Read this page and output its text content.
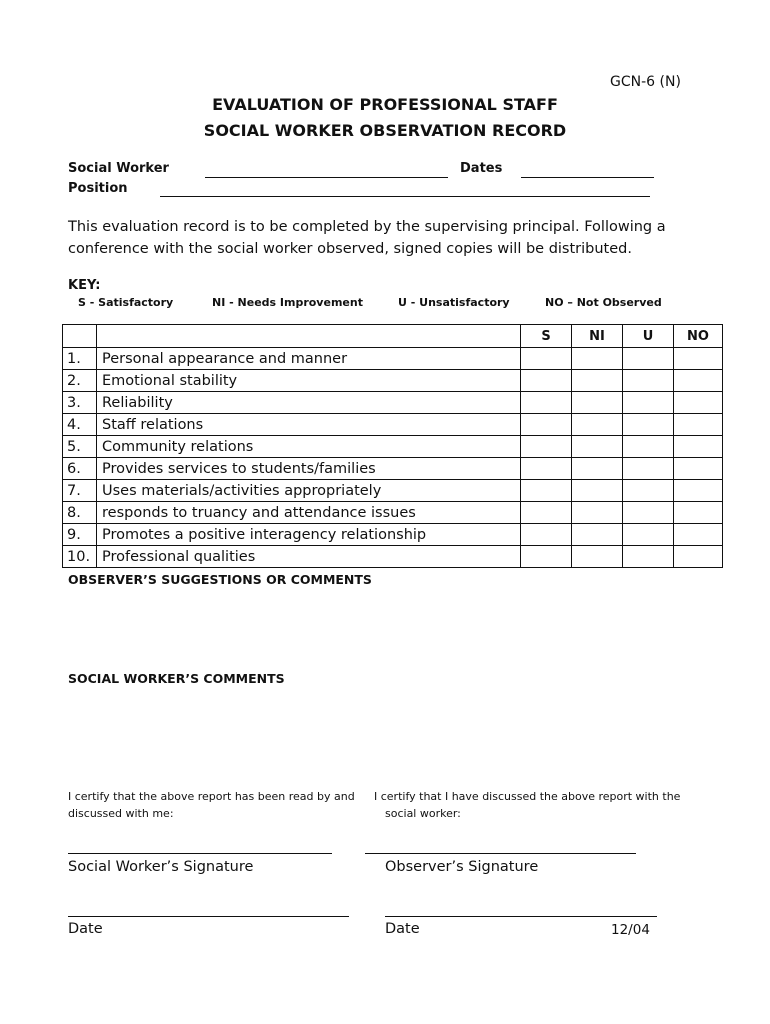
GCN-6 (N)
EVALUATION OF PROFESSIONAL STAFF
SOCIAL WORKER OBSERVATION RECORD
Social Worker	Dates
Position
This evaluation record is to be completed by the supervising principal. Following a conference with the social worker observed, signed copies will be distributed.
KEY:
S - Satisfactory	NI - Needs Improvement	U - Unsatisfactory	NO – Not Observed
		S	NI	U	NO
1.	Personal appearance and manner				
2.	Emotional stability				
3.	Reliability				
4.	Staff relations				
5.	Community relations				
6.	Provides services to students/families				
7.	Uses materials/activities appropriately				
8.	responds to truancy and attendance issues				
9.	Promotes a positive interagency relationship				
10.	Professional qualities				
OBSERVER’S SUGGESTIONS OR COMMENTS
SOCIAL WORKER’S COMMENTS
I certify that the above report has been read by and discussed with me:
I certify that I have discussed the above report with the
social worker:
Social Worker’s Signature	Observer’s Signature
Date	Date	12/04
